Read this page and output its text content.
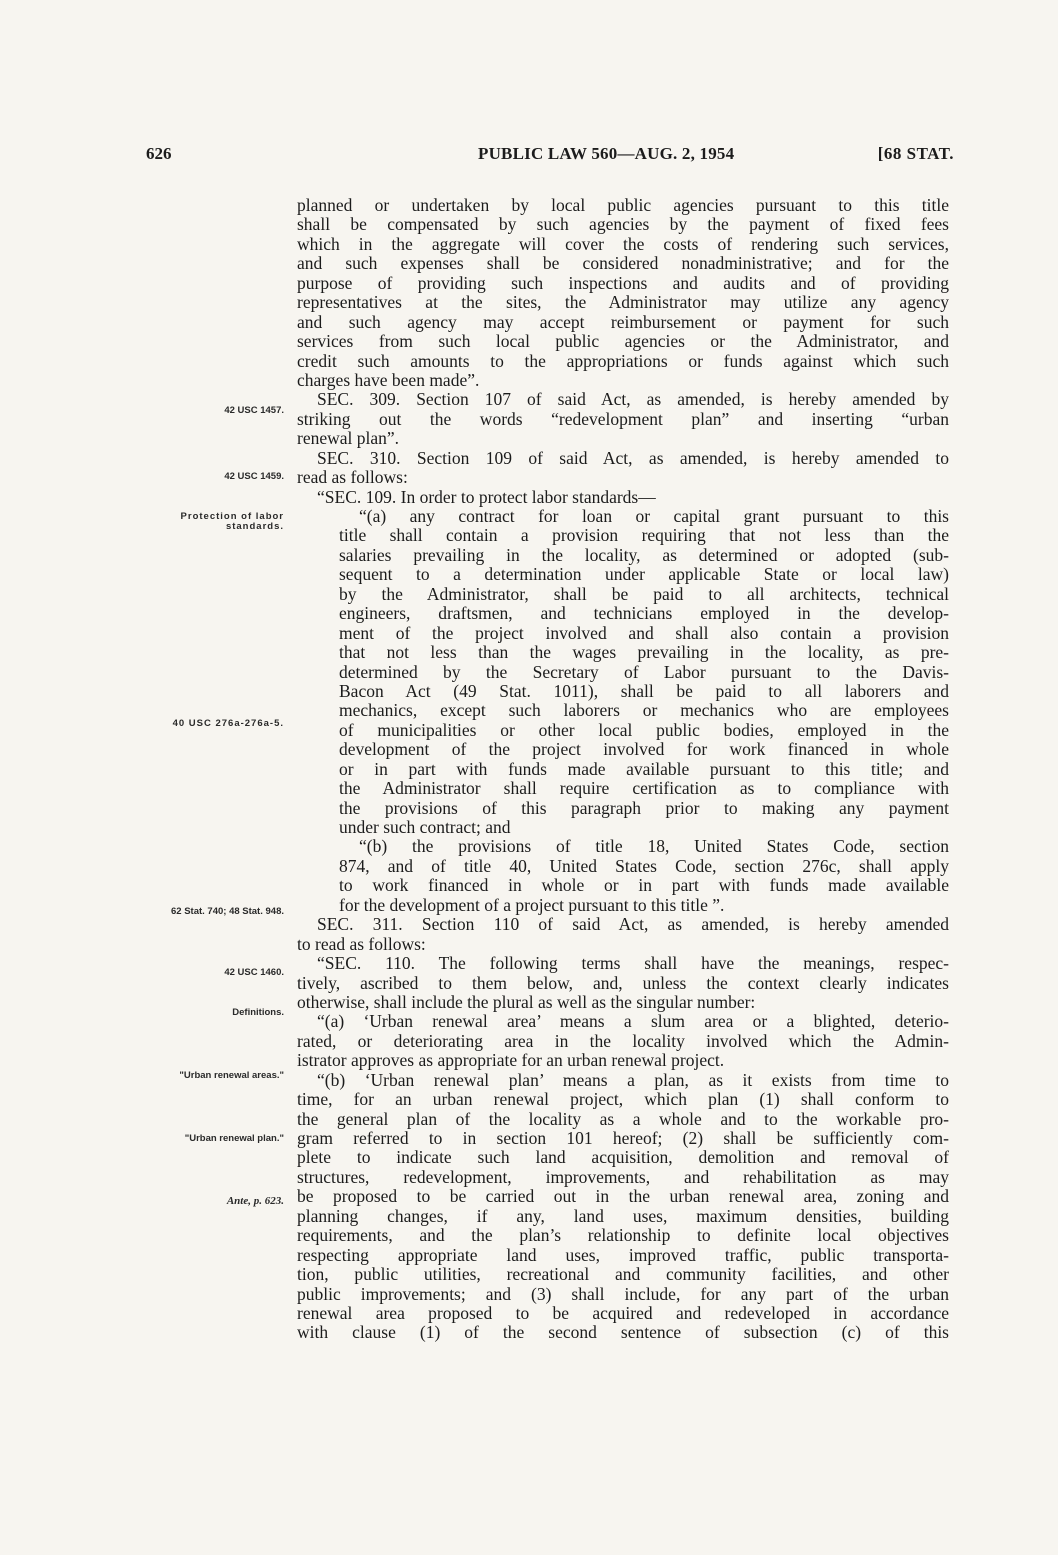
626	PUBLIC LAW 560—AUG. 2, 1954	[68 STAT.
42 USC 1457.
42 USC 1459.
Protection of labor standards.
40 USC 276a-276a-5.
62 Stat. 740; 48 Stat. 948.
42 USC 1460.
Definitions.
"Urban renewal areas."
"Urban renewal plan."
Ante, p. 623.
planned or undertaken by local public agencies pursuant to this title
shall be compensated by such agencies by the payment of fixed fees
which in the aggregate will cover the costs of rendering such services,
and such expenses shall be considered nonadministrative; and for the
purpose of providing such inspections and audits and of providing
representatives at the sites, the Administrator may utilize any agency
and such agency may accept reimbursement or payment for such
services from such local public agencies or the Administrator, and
credit such amounts to the appropriations or funds against which such
charges have been made”.
SEC. 309. Section 107 of said Act, as amended, is hereby amended by
striking out the words “redevelopment plan” and inserting “urban
renewal plan”.
SEC. 310. Section 109 of said Act, as amended, is hereby amended to
read as follows:
“SEC. 109. In order to protect labor standards—
“(a) any contract for loan or capital grant pursuant to this
title shall contain a provision requiring that not less than the
salaries prevailing in the locality, as determined or adopted (sub-
sequent to a determination under applicable State or local law)
by the Administrator, shall be paid to all architects, technical
engineers, draftsmen, and technicians employed in the develop-
ment of the project involved and shall also contain a provision
that not less than the wages prevailing in the locality, as pre-
determined by the Secretary of Labor pursuant to the Davis-
Bacon Act (49 Stat. 1011), shall be paid to all laborers and
mechanics, except such laborers or mechanics who are employees
of municipalities or other local public bodies, employed in the
development of the project involved for work financed in whole
or in part with funds made available pursuant to this title; and
the Administrator shall require certification as to compliance with
the provisions of this paragraph prior to making any payment
under such contract; and
“(b) the provisions of title 18, United States Code, section
874, and of title 40, United States Code, section 276c, shall apply
to work financed in whole or in part with funds made available
for the development of a project pursuant to this title ”.
SEC. 311. Section 110 of said Act, as amended, is hereby amended
to read as follows:
“SEC. 110. The following terms shall have the meanings, respec-
tively, ascribed to them below, and, unless the context clearly indicates
otherwise, shall include the plural as well as the singular number:
“(a) ‘Urban renewal area’ means a slum area or a blighted, deterio-
rated, or deteriorating area in the locality involved which the Admin-
istrator approves as appropriate for an urban renewal project.
“(b) ‘Urban renewal plan’ means a plan, as it exists from time to
time, for an urban renewal project, which plan (1) shall conform to
the general plan of the locality as a whole and to the workable pro-
gram referred to in section 101 hereof; (2) shall be sufficiently com-
plete to indicate such land acquisition, demolition and removal of
structures, redevelopment, improvements, and rehabilitation as may
be proposed to be carried out in the urban renewal area, zoning and
planning changes, if any, land uses, maximum densities, building
requirements, and the plan’s relationship to definite local objectives
respecting appropriate land uses, improved traffic, public transporta-
tion, public utilities, recreational and community facilities, and other
public improvements; and (3) shall include, for any part of the urban
renewal area proposed to be acquired and redeveloped in accordance
with clause (1) of the second sentence of subsection (c) of this
